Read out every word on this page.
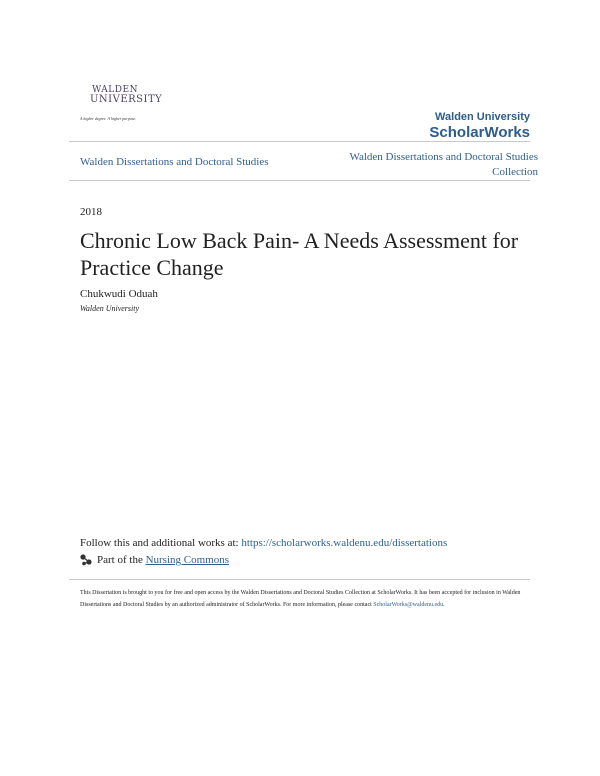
WALDEN
UNIVERSITY
A higher degree. A higher purpose.	Walden University
ScholarWorks
Walden Dissertations and Doctoral Studies	Walden Dissertations and Doctoral Studies Collection
2018
Chronic Low Back Pain- A Needs Assessment for Practice Change
Chukwudi Oduah
Walden University
Follow this and additional works at: https://scholarworks.waldenu.edu/dissertations
Part of the
Nursing Commons
This Dissertation is brought to you for free and open access by the Walden Dissertations and Doctoral Studies Collection at ScholarWorks. It has been accepted for inclusion in Walden Dissertations and Doctoral Studies by an authorized administrator of ScholarWorks. For more information, please contact ScholarWorks@waldenu.edu.
